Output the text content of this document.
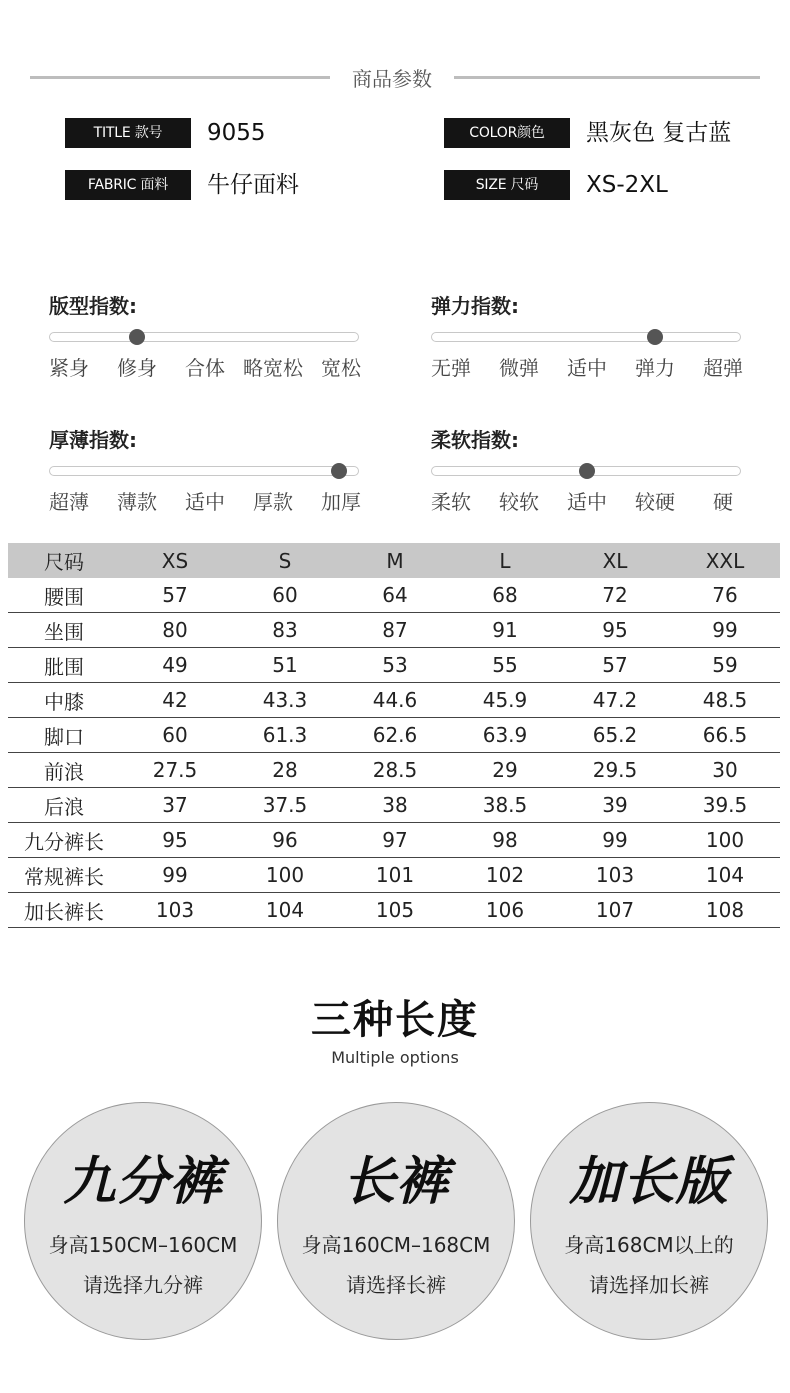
商品参数
TITLE 款号	9055
FABRIC 面料	牛仔面料
COLOR颜色	黑灰色 复古蓝
SIZE 尺码	XS-2XL
版型指数:
紧身 修身 合体 略宽松 宽松
弹力指数:
无弹 微弹 适中 弹力 超弹
厚薄指数:
超薄 薄款 适中 厚款 加厚
柔软指数:
柔软 较软 适中 较硬 硬
尺码	XS	S	M	L	XL	XXL
腰围	57	60	64	68	72	76
坐围	80	83	87	91	95	99
肶围	49	51	53	55	57	59
中膝	42	43.3	44.6	45.9	47.2	48.5
脚口	60	61.3	62.6	63.9	65.2	66.5
前浪	27.5	28	28.5	29	29.5	30
后浪	37	37.5	38	38.5	39	39.5
九分裤长	95	96	97	98	99	100
常规裤长	99	100	101	102	103	104
加长裤长	103	104	105	106	107	108
三种长度
Multiple options
九分裤
身高150CM–160CM
请选择九分裤
长裤
身高160CM–168CM
请选择长裤
加长版
身高168CM以上的
请选择加长裤
